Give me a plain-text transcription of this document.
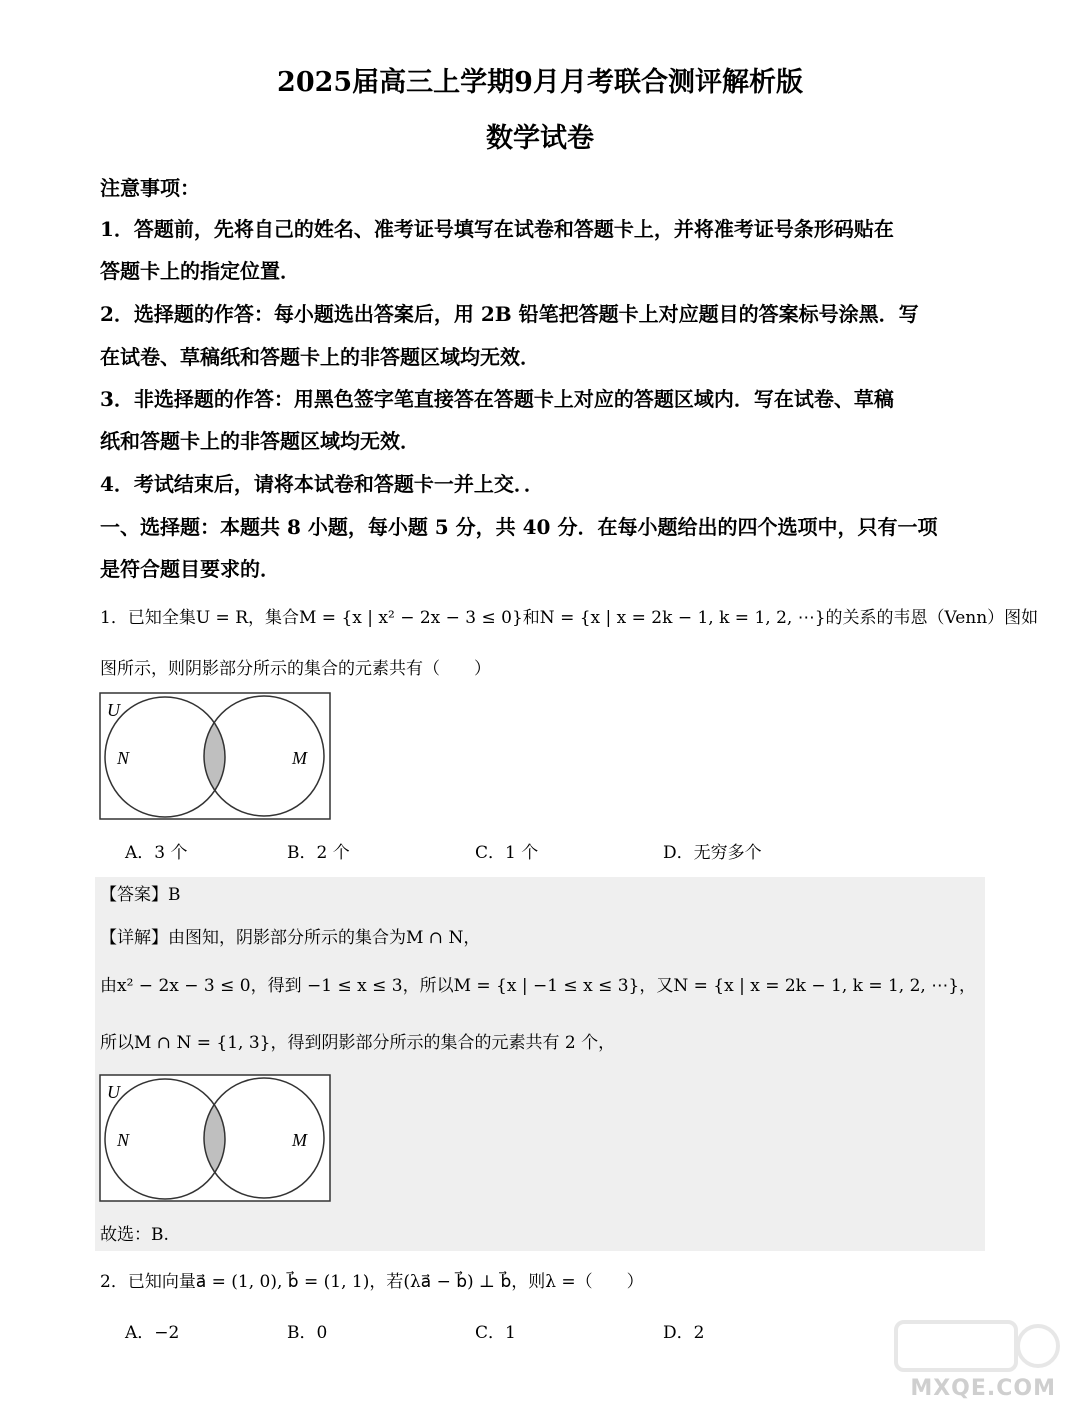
2025届高三上学期9月月考联合测评解析版
数学试卷
注意事项：
1．答题前，先将自己的姓名、准考证号填写在试卷和答题卡上，并将准考证号条形码贴在
答题卡上的指定位置．
2．选择题的作答：每小题选出答案后，用 2B 铅笔把答题卡上对应题目的答案标号涂黑．写
在试卷、草稿纸和答题卡上的非答题区域均无效．
3．非选择题的作答：用黑色签字笔直接答在答题卡上对应的答题区域内．写在试卷、草稿
纸和答题卡上的非答题区域均无效．
4．考试结束后，请将本试卷和答题卡一并上交．．
一、选择题：本题共 8 小题，每小题 5 分，共 40 分．在每小题给出的四个选项中，只有一项
是符合题目要求的．
1．已知全集U = R，集合M = {x | x² − 2x − 3 ≤ 0}和N = {x | x = 2k − 1, k = 1, 2, ⋯}的关系的韦恩（Venn）图如
图所示，则阴影部分所示的集合的元素共有（　　）
U
N	M
A．3 个	B．2 个	C．1 个	D．无穷多个
【答案】B
【详解】由图知，阴影部分所示的集合为M ∩ N，
由x² − 2x − 3 ≤ 0，得到 −1 ≤ x ≤ 3，所以M = {x | −1 ≤ x ≤ 3}，又N = {x | x = 2k − 1, k = 1, 2, ⋯}，
所以M ∩ N = {1, 3}，得到阴影部分所示的集合的元素共有 2 个，
U
N	M
故选：B.
2．已知向量a⃗ = (1, 0), b⃗ = (1, 1)，若(λa⃗ − b⃗) ⊥ b⃗，则λ =（　　）
A．−2	B．0	C．1	D．2
MXQE.COM
